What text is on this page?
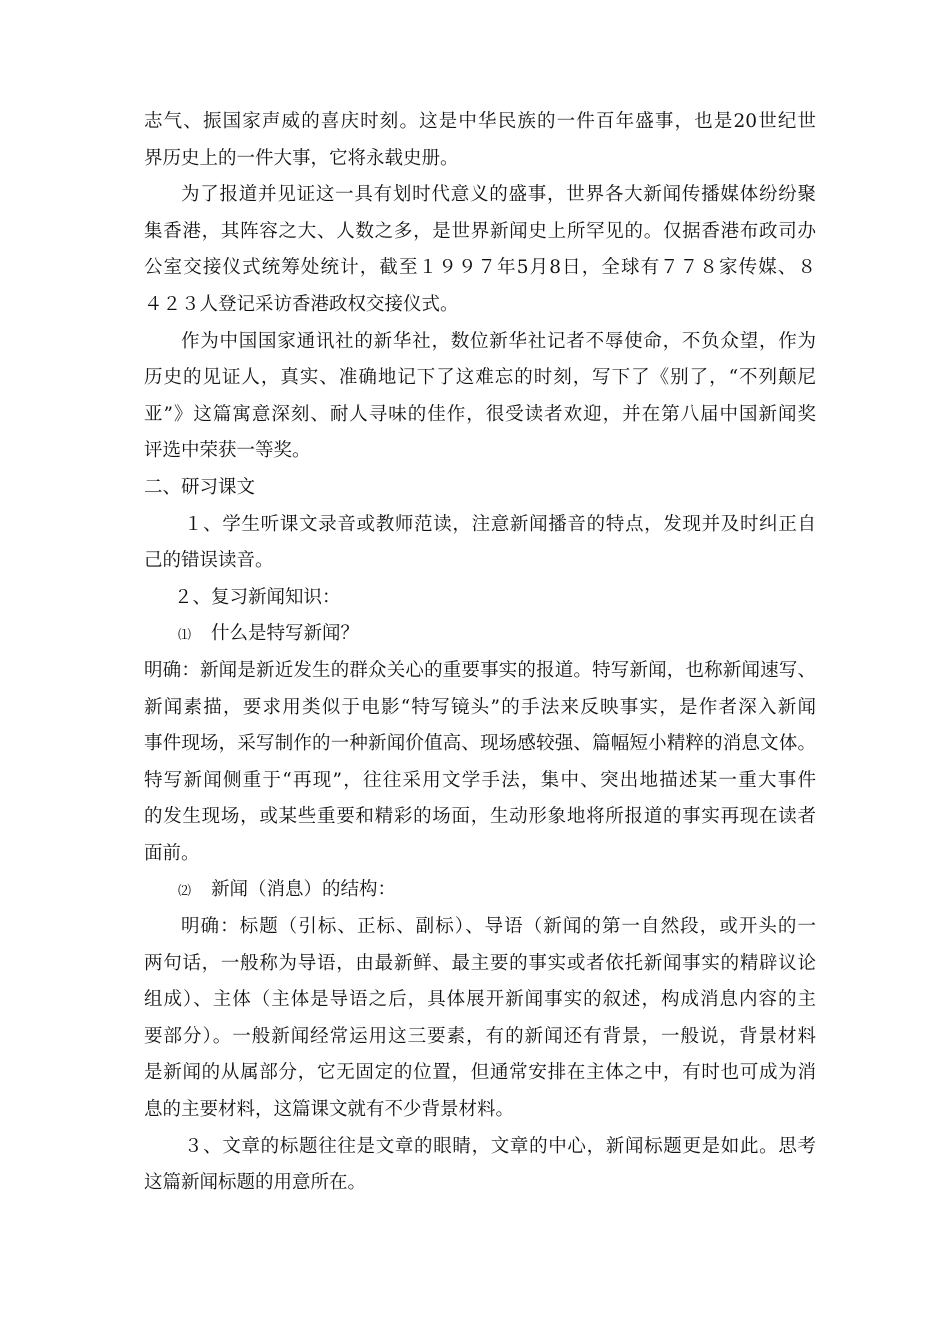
志气、振国家声威的喜庆时刻。这是中华民族的一件百年盛事，也是20世纪世
界历史上的一件大事，它将永载史册。
为了报道并见证这一具有划时代意义的盛事，世界各大新闻传播媒体纷纷聚
集香港，其阵容之大、人数之多，是世界新闻史上所罕见的。仅据香港布政司办
公室交接仪式统筹处统计，截至１９９７年5月8日，全球有７７８家传媒、８
４２３人登记采访香港政权交接仪式。
作为中国国家通讯社的新华社，数位新华社记者不辱使命，不负众望，作为
历史的见证人，真实、准确地记下了这难忘的时刻，写下了《别了，“不列颠尼
亚”》这篇寓意深刻、耐人寻味的佳作，很受读者欢迎，并在第八届中国新闻奖
评选中荣获一等奖。
二、研习课文
１、学生听课文录音或教师范读，注意新闻播音的特点，发现并及时纠正自
己的错误读音。
２、复习新闻知识：
⑴ 什么是特写新闻？
明确：新闻是新近发生的群众关心的重要事实的报道。特写新闻，也称新闻速写、
新闻素描，要求用类似于电影“特写镜头”的手法来反映事实，是作者深入新闻
事件现场，采写制作的一种新闻价值高、现场感较强、篇幅短小精粹的消息文体。
特写新闻侧重于“再现”，往往采用文学手法，集中、突出地描述某一重大事件
的发生现场，或某些重要和精彩的场面，生动形象地将所报道的事实再现在读者
面前。
⑵ 新闻（消息）的结构：
明确：标题（引标、正标、副标）、导语（新闻的第一自然段，或开头的一
两句话，一般称为导语，由最新鲜、最主要的事实或者依托新闻事实的精辟议论
组成）、主体（主体是导语之后，具体展开新闻事实的叙述，构成消息内容的主
要部分）。一般新闻经常运用这三要素，有的新闻还有背景，一般说，背景材料
是新闻的从属部分，它无固定的位置，但通常安排在主体之中，有时也可成为消
息的主要材料，这篇课文就有不少背景材料。
３、文章的标题往往是文章的眼睛，文章的中心，新闻标题更是如此。思考
这篇新闻标题的用意所在。
